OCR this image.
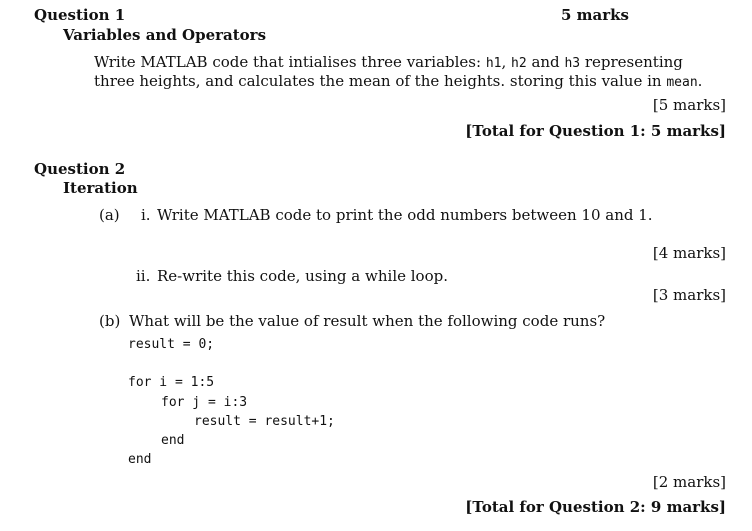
Question 1	5 marks
Variables and Operators
Write MATLAB code that intialises three variables: h1, h2 and h3 representing
three heights, and calculates the mean of the heights. storing this value in mean.
[5 marks]
[Total for Question 1: 5 marks]
Question 2
Iteration
(a) i. Write MATLAB code to print the odd numbers between 10 and 1.
[4 marks]
ii. Re-write this code, using a while loop.
[3 marks]
(b) What will be the value of result when the following code runs?
result = 0;
for i = 1:5
for j = i:3
result = result+1;
end
end
[2 marks]
[Total for Question 2: 9 marks]
